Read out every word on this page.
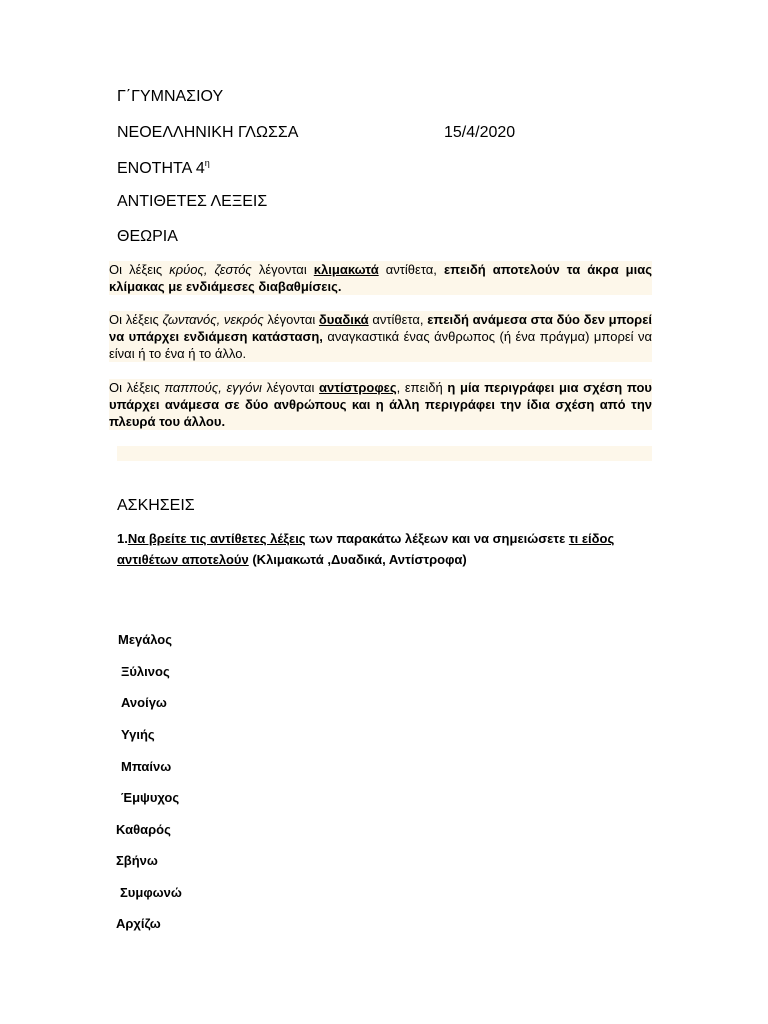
Γ΄ΓΥΜΝΑΣΙΟΥ
ΝΕΟΕΛΛΗΝΙΚΗ ΓΛΩΣΣΑ	15/4/2020
ΕΝΟΤΗΤΑ $4^\eta$
ΑΝΤΙΘΕΤΕΣ ΛΕΞΕΙΣ
ΘΕΩΡΙΑ

Οι λέξεις κρύος, ζεστός λέγονται κλιμακωτά αντίθετα, επειδή αποτελούν τα άκρα μιας κλίμακας με ενδιάμεσες διαβαθμίσεις.

Οι λέξεις ζωντανός, νεκρός λέγονται δυαδικά αντίθετα, επειδή ανάμεσα στα δύο δεν μπορεί να υπάρχει ενδιάμεση κατάσταση, αναγκαστικά ένας άνθρωπος (ή ένα πράγμα) μπορεί να είναι ή το ένα ή το άλλο.

Οι λέξεις παππούς, εγγόνι λέγονται αντίστροφες, επειδή η μία περιγράφει μια σχέση που υπάρχει ανάμεσα σε δύο ανθρώπους και η άλλη περιγράφει την ίδια σχέση από την πλευρά του άλλου.

ΑΣΚΗΣΕΙΣ
1.Να βρείτε τις αντίθετες λέξεις των παρακάτω λέξεων και να σημειώσετε τι είδος αντιθέτων αποτελούν (Κλιμακωτά ,Δυαδικά, Αντίστροφα)
Μεγάλος
Ξύλινος
Ανοίγω
Υγιής
Μπαίνω
Έμψυχος
Καθαρός
Σβήνω
Συμφωνώ
Αρχίζω
